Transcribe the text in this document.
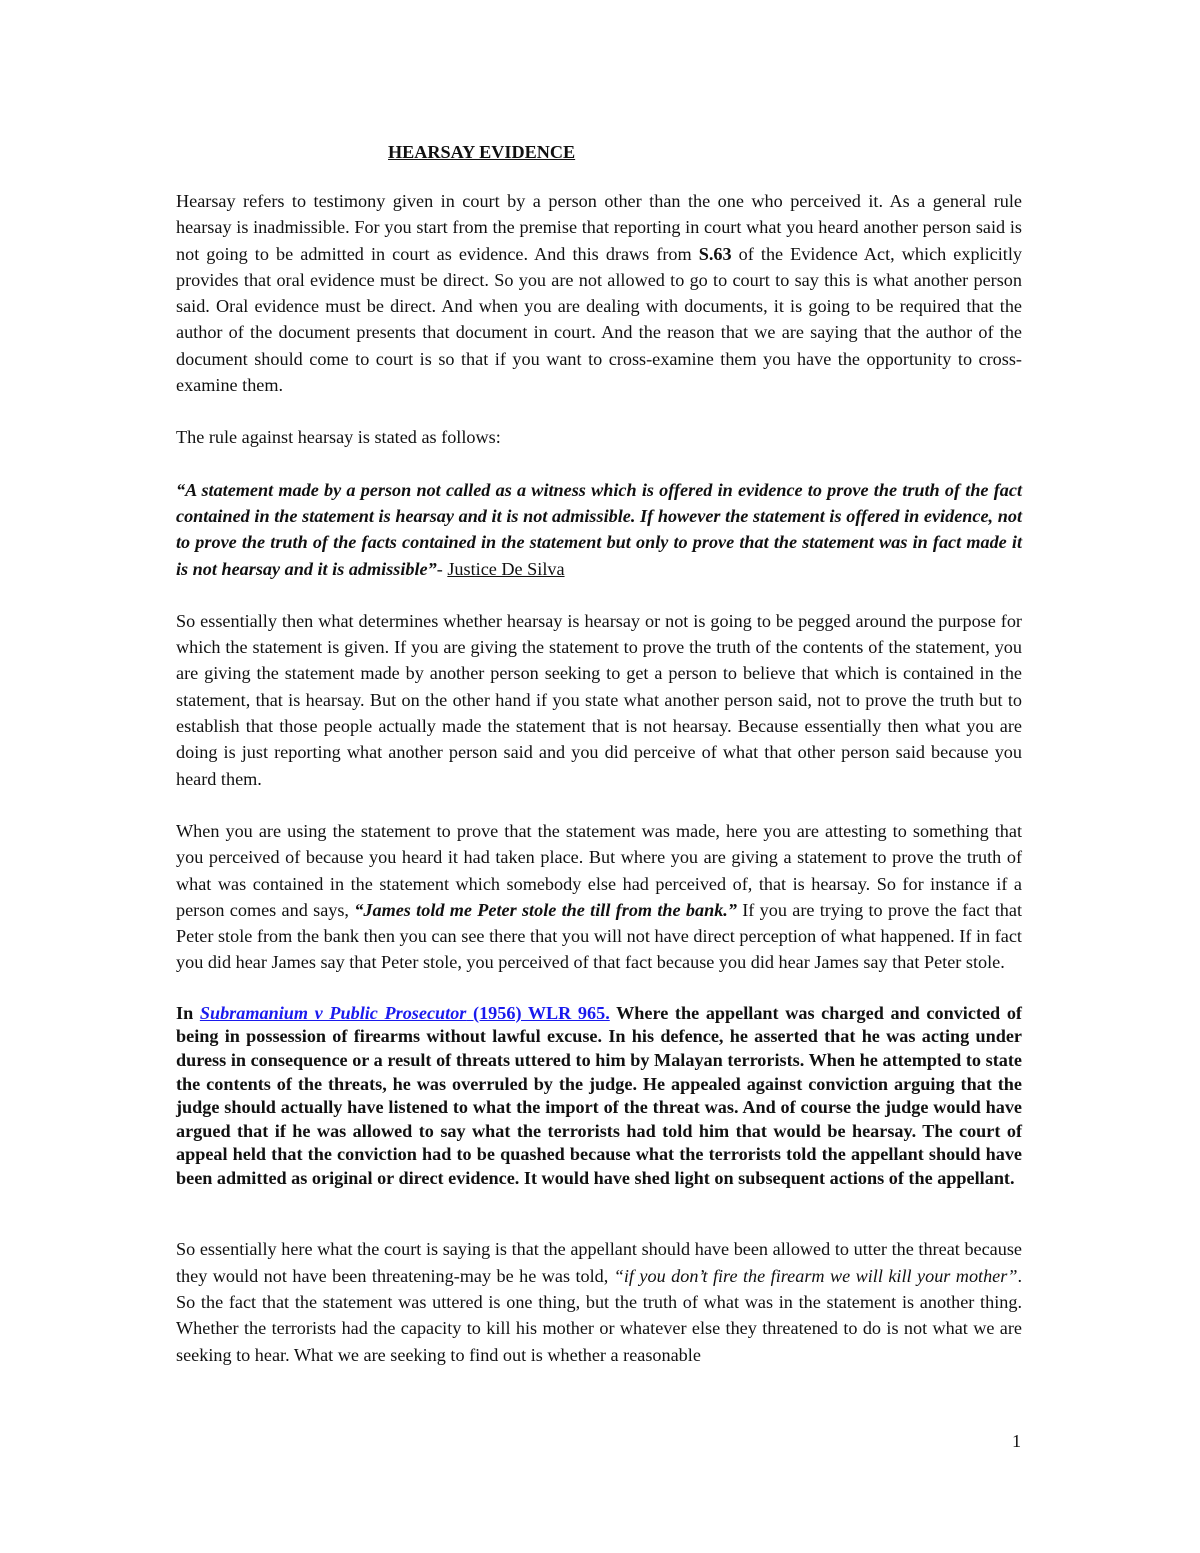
HEARSAY EVIDENCE

Hearsay refers to testimony given in court by a person other than the one who perceived it. As a general rule hearsay is inadmissible. For you start from the premise that reporting in court what you heard another person said is not going to be admitted in court as evidence. And this draws from S.63 of the Evidence Act, which explicitly provides that oral evidence must be direct. So you are not allowed to go to court to say this is what another person said. Oral evidence must be direct. And when you are dealing with documents, it is going to be required that the author of the document presents that document in court. And the reason that we are saying that the author of the document should come to court is so that if you want to cross-examine them you have the opportunity to cross-examine them.

The rule against hearsay is stated as follows:

“A statement made by a person not called as a witness which is offered in evidence to prove the truth of the fact contained in the statement is hearsay and it is not admissible. If however the statement is offered in evidence, not to prove the truth of the facts contained in the statement but only to prove that the statement was in fact made it is not hearsay and it is admissible”- Justice De Silva

So essentially then what determines whether hearsay is hearsay or not is going to be pegged around the purpose for which the statement is given. If you are giving the statement to prove the truth of the contents of the statement, you are giving the statement made by another person seeking to get a person to believe that which is contained in the statement, that is hearsay. But on the other hand if you state what another person said, not to prove the truth but to establish that those people actually made the statement that is not hearsay. Because essentially then what you are doing is just reporting what another person said and you did perceive of what that other person said because you heard them.

When you are using the statement to prove that the statement was made, here you are attesting to something that you perceived of because you heard it had taken place. But where you are giving a statement to prove the truth of what was contained in the statement which somebody else had perceived of, that is hearsay. So for instance if a person comes and says, “James told me Peter stole the till from the bank.” If you are trying to prove the fact that Peter stole from the bank then you can see there that you will not have direct perception of what happened. If in fact you did hear James say that Peter stole, you perceived of that fact because you did hear James say that Peter stole.

In Subramanium v Public Prosecutor (1956) WLR 965. Where the appellant was charged and convicted of being in possession of firearms without lawful excuse. In his defence, he asserted that he was acting under duress in consequence or a result of threats uttered to him by Malayan terrorists. When he attempted to state the contents of the threats, he was overruled by the judge. He appealed against conviction arguing that the judge should actually have listened to what the import of the threat was. And of course the judge would have argued that if he was allowed to say what the terrorists had told him that would be hearsay. The court of appeal held that the conviction had to be quashed because what the terrorists told the appellant should have been admitted as original or direct evidence. It would have shed light on subsequent actions of the appellant.

So essentially here what the court is saying is that the appellant should have been allowed to utter the threat because they would not have been threatening-may be he was told, “if you don’t fire the firearm we will kill your mother”. So the fact that the statement was uttered is one thing, but the truth of what was in the statement is another thing. Whether the terrorists had the capacity to kill his mother or whatever else they threatened to do is not what we are seeking to hear. What we are seeking to find out is whether a reasonable

1
